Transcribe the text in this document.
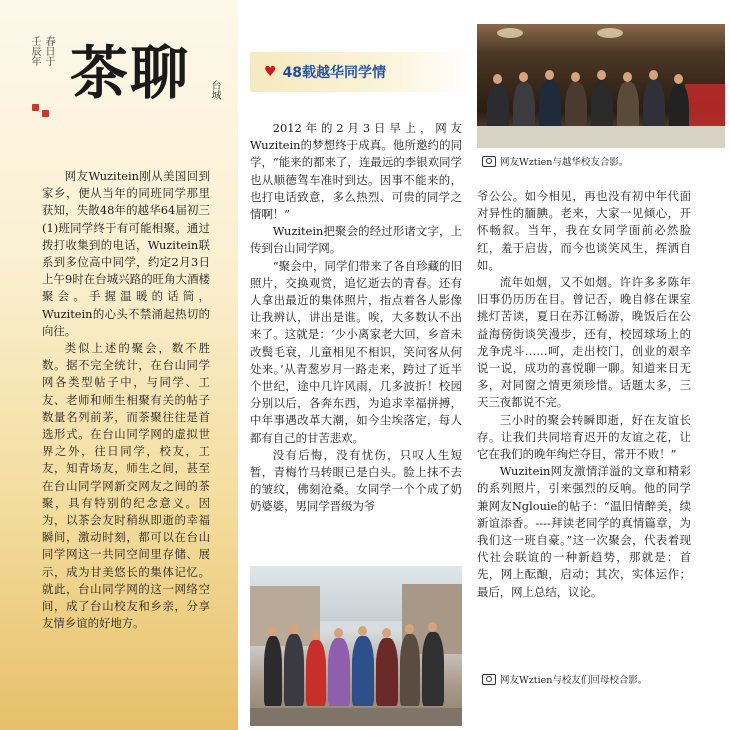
壬辰年 春日于
台城
茶聊

网友Wuzitein刚从美国回到家乡，便从当年的同班同学那里获知，失散48年的越华64届初三(1)班同学终于有可能相聚。通过拨打收集到的电话，Wuzitein联系到多位高中同学，约定2月3日上午9时在台城兴路的旺角大酒楼聚会。手握温暖的话筒，Wuzitein的心头不禁涌起热切的向往。

类似上述的聚会，数不胜数。据不完全统计，在台山同学网各类型帖子中，与同学、工友、老师和师生相聚有关的帖子数量名列前茅，而茶聚往往是首选形式。在台山同学网的虚拟世界之外，往日同学，校友，工友，知青场友，师生之间，甚至在台山同学网新交网友之间的茶聚，具有特别的纪念意义。因为，以茶会友时稍纵即逝的幸福瞬间，激动时刻，都可以在台山同学网这一共同空间里存储、展示，成为甘美悠长的集体记忆。就此，台山同学网的这一网络空间，成了台山校友和乡亲，分享友情乡谊的好地方。

♥ 48载越华同学情

2012年的2月3日早上，网友Wuzitein的梦想终于成真。他所邀约的同学，“能来的都来了，连最远的李银欢同学也从顺德驾车准时到达。因事不能来的，也打电话致意，多么热烈、可贵的同学之情啊！”

Wuzitein把聚会的经过形诸文字，上传到台山同学网。

“聚会中，同学们带来了各自珍藏的旧照片，交换观赏，追忆逝去的青春。还有人拿出最近的集体照片，指点着各人影像让我辨认，讲出是谁。唉，大多数认不出来了。这就是：‘少小离家老大回，乡音未改鬓毛衰，儿童相见不相识，笑问客从何处来。’从青葱岁月一路走来，跨过了近半个世纪，途中几许风雨，几多波折！校园分别以后，各奔东西，为追求幸福拼搏，中年事遇改革大潮，如今尘埃落定，每人都有自己的甘苦悲欢。

没有后悔，没有忧伤，只叹人生短暂，青梅竹马转眼已是白头。脸上抹不去的皱纹，佛刻沧桑。女同学一个个成了奶奶婆婆，男同学晋级为爷

网友Wztien与越华校友合影。

爷公公。如今相见，再也没有初中年代面对异性的腼腆。老来，大家一见倾心，开怀畅叙。当年，我在女同学面前必然脸红，羞于启齿，而今也谈笑风生，挥洒自如。

流年如烟，又不如烟。许许多多陈年旧事仍历历在目。曾记否，晚自修在课室挑灯苦读，夏日在苏江畅游，晚饭后在公益海傍街谈笑漫步，还有，校园球场上的龙争虎斗……呵，走出校门，创业的艰辛说一说，成功的喜悦聊一聊。知道来日无多，对同窗之情更须珍惜。话题太多，三天三夜都说不完。

三小时的聚会转瞬即逝，好在友谊长存。让我们共同培育迟开的友谊之花，让它在我们的晚年绚烂夺目，常开不败！”

Wuzitein网友激情洋溢的文章和精彩的系列照片，引来强烈的反响。他的同学兼网友Nglouie的帖子：“温旧情醉美，续新谊添香。----拜读老同学的真情篇章，为我们这一班自豪。”这一次聚会，代表着现代社会联谊的一种新趋势，那就是：首先，网上酝酿，启动；其次，实体运作；最后，网上总结，议论。

网友Wztien与校友们回母校合影。
